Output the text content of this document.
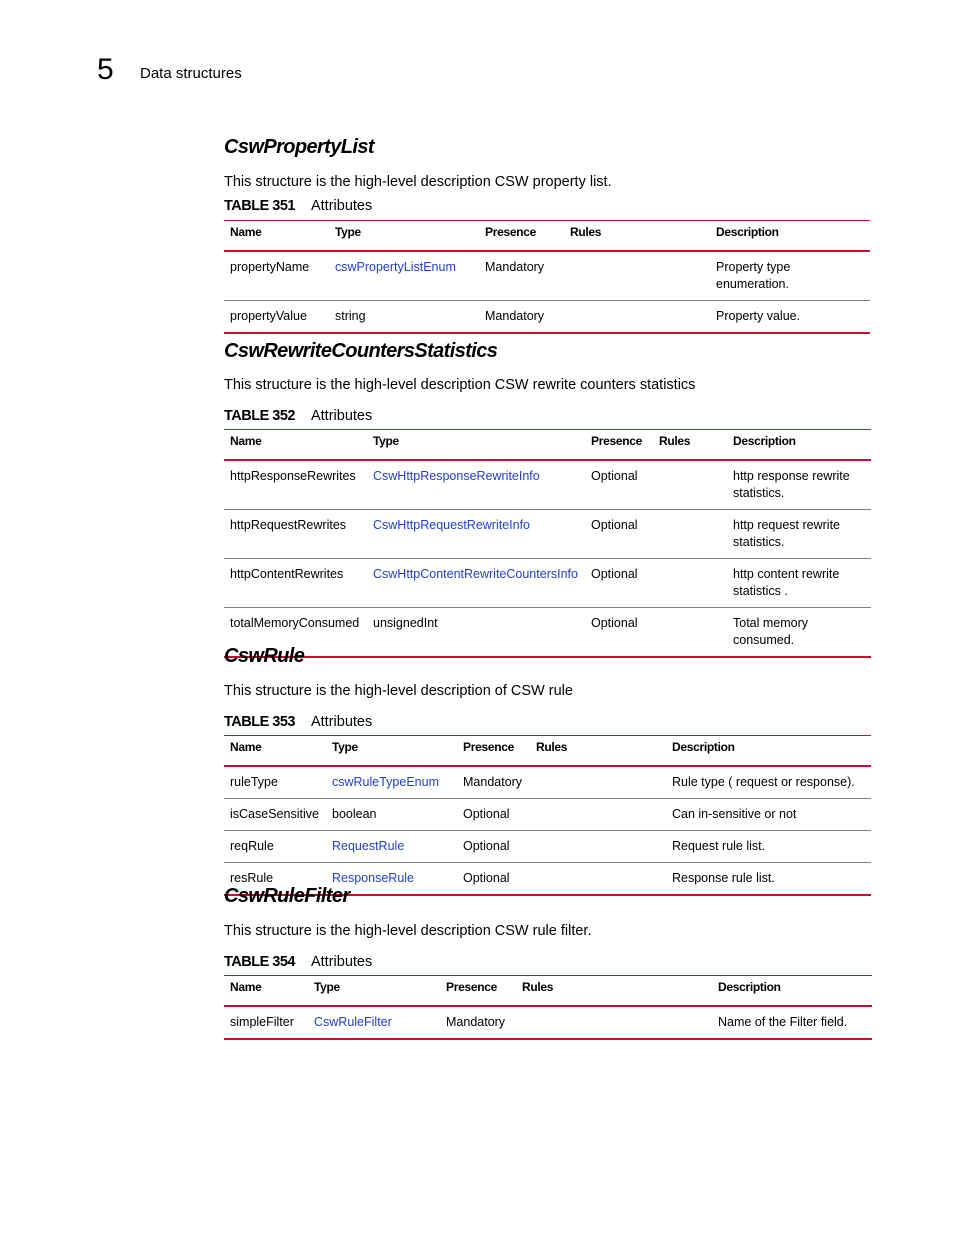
5 Data structures
CswPropertyList
This structure is the high-level description CSW property list.
TABLE 351 Attributes
Name	Type	Presence	Rules	Description
propertyName	cswPropertyListEnum	Mandatory		Property type enumeration.
propertyValue	string	Mandatory		Property value.
CswRewriteCountersStatistics
This structure is the high-level description CSW rewrite counters statistics
TABLE 352 Attributes
Name	Type	Presence	Rules	Description
httpResponseRewrites	CswHttpResponseRewriteInfo	Optional		http response rewrite statistics.
httpRequestRewrites	CswHttpRequestRewriteInfo	Optional		http request rewrite statistics.
httpContentRewrites	CswHttpContentRewriteCountersInfo	Optional		http content rewrite statistics .
totalMemoryConsumed	unsignedInt	Optional		Total memory consumed.
CswRule
This structure is the high-level description of CSW rule
TABLE 353 Attributes
Name	Type	Presence	Rules	Description
ruleType	cswRuleTypeEnum	Mandatory		Rule type ( request or response).
isCaseSensitive	boolean	Optional		Can in-sensitive or not
reqRule	RequestRule	Optional		Request rule list.
resRule	ResponseRule	Optional		Response rule list.
CswRuleFilter
This structure is the high-level description CSW rule filter.
TABLE 354 Attributes
Name	Type	Presence	Rules	Description
simpleFilter	CswRuleFilter	Mandatory		Name of the Filter field.
